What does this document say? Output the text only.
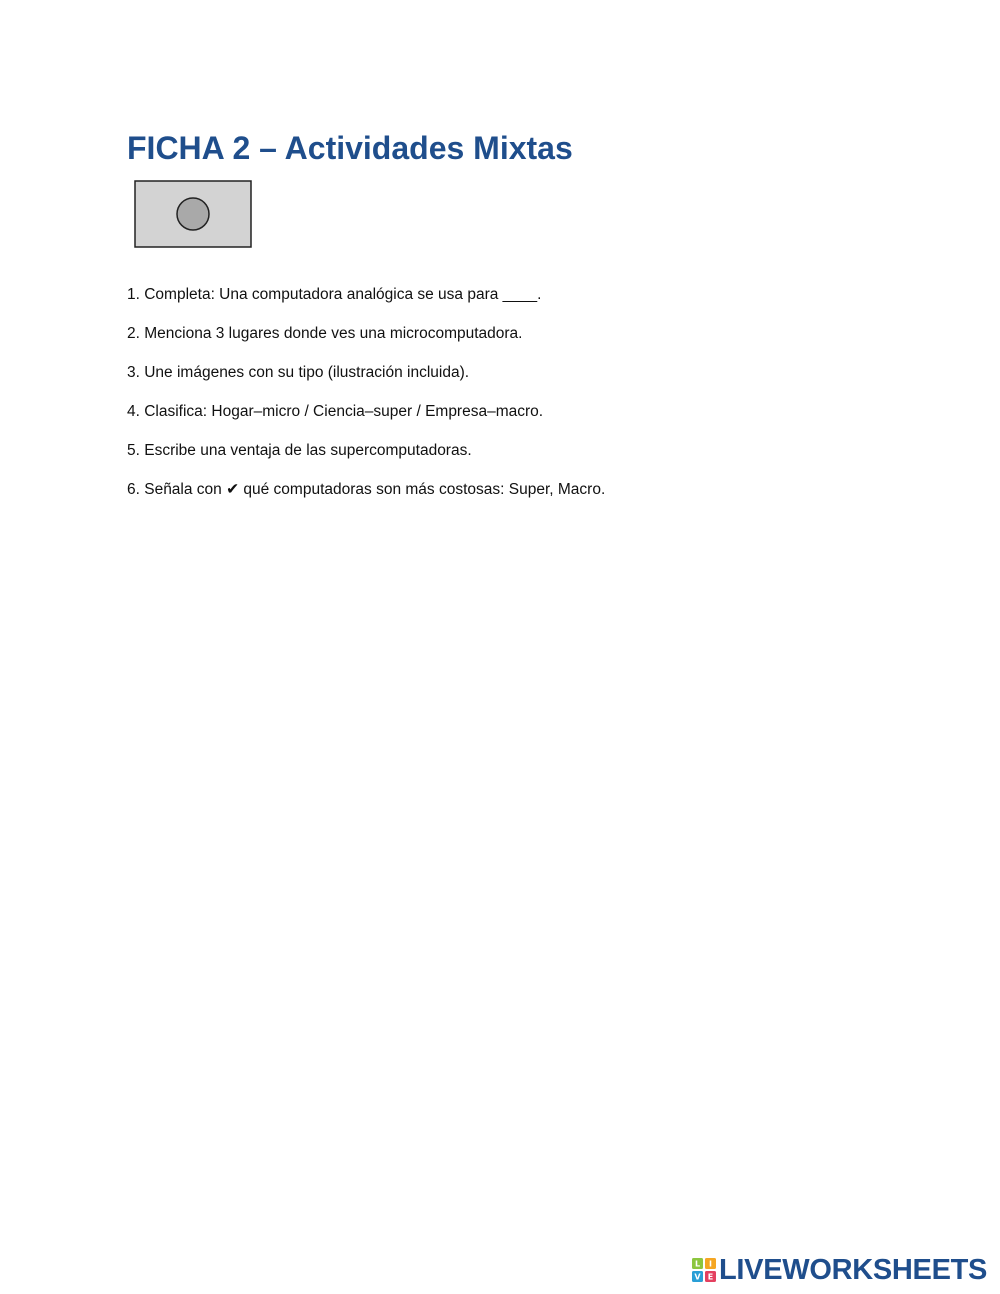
FICHA 2 – Actividades Mixtas
1. Completa: Una computadora analógica se usa para ____.
2. Menciona 3 lugares donde ves una microcomputadora.
3. Une imágenes con su tipo (ilustración incluida).
4. Clasifica: Hogar–micro / Ciencia–super / Empresa–macro.
5. Escribe una ventaja de las supercomputadoras.
6. Señala con ✔ qué computadoras son más costosas: Super, Macro.
L I
V E LIVEWORKSHEETS
